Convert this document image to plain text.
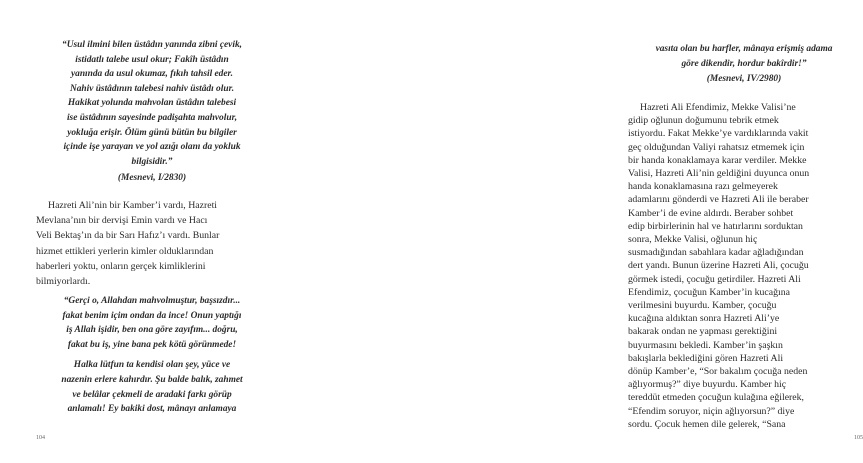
“Usul ilmini bilen üstâdın yanında zibni çevik,
istidatlı talebe usul okur; Fakîh üstâdın
yanında da usul okumaz, fıkıh tahsil eder.
Nahiv üstâdının talebesi nahiv üstâdı olur.
Hakikat yolunda mahvolan üstâdın talebesi
ise üstâdının sayesinde padişahta mahvolur,
yokluğa erişir. Ölüm günü bütün bu bilgiler
içinde işe yarayan ve yol azığı olanı da yokluk
bilgisidir.”
(Mesnevi, I/2830)
Hazreti Ali’nin bir Kamber’i vardı, Hazreti
Mevlana’nın bir dervişi Emin vardı ve Hacı
Veli Bektaş’ın da bir Sarı Hafız’ı vardı. Bunlar
hizmet ettikleri yerlerin kimler olduklarından
haberleri yoktu, onların gerçek kimliklerini
bilmiyorlardı.
“Gerçi o, Allahdan mahvolmuştur, başsızdır...
fakat benim içim ondan da ince! Onun yaptığı
iş Allah işidir, ben ona göre zayıfım... doğru,
fakat bu iş, yine bana pek kötü görünmede!
Halka lütfun ta kendisi olan şey, yüce ve
nazenin erlere kahırdır. Şu balde balık, zahmet
ve belâlar çekmeli de aradaki farkı görüp
anlamalı! Ey bakiki dost, mânayı anlamaya
104
vasıta olan bu harfler, mânaya erişmiş adama
göre dikendir, hordur bakîrdir!”
(Mesnevi, IV/2980)
Hazreti Ali Efendimiz, Mekke Valisi’ne
gidip oğlunun doğumunu tebrik etmek
istiyordu. Fakat Mekke’ye vardıklarında vakit
geç olduğundan Valiyi rahatsız etmemek için
bir handa konaklamaya karar verdiler. Mekke
Valisi, Hazreti Ali’nin geldiğini duyunca onun
handa konaklamasına razı gelmeyerek
adamlarını gönderdi ve Hazreti Ali ile beraber
Kamber’i de evine aldırdı. Beraber sohbet
edip birbirlerinin hal ve hatırlarını sorduktan
sonra, Mekke Valisi, oğlunun hiç
susmadığından sabahlara kadar ağladığından
dert yandı. Bunun üzerine Hazreti Ali, çocuğu
görmek istedi, çocuğu getirdiler. Hazreti Ali
Efendimiz, çocuğun Kamber’in kucağına
verilmesini buyurdu. Kamber, çocuğu
kucağına aldıktan sonra Hazreti Ali’ye
bakarak ondan ne yapması gerektiğini
buyurmasını bekledi. Kamber’in şaşkın
bakışlarla beklediğini gören Hazreti Ali
dönüp Kamber’e, “Sor bakalım çocuğa neden
ağlıyormuş?” diye buyurdu. Kamber hiç
tereddüt etmeden çocuğun kulağına eğilerek,
“Efendim soruyor, niçin ağlıyorsun?” diye
sordu. Çocuk hemen dile gelerek, “Sana
105
